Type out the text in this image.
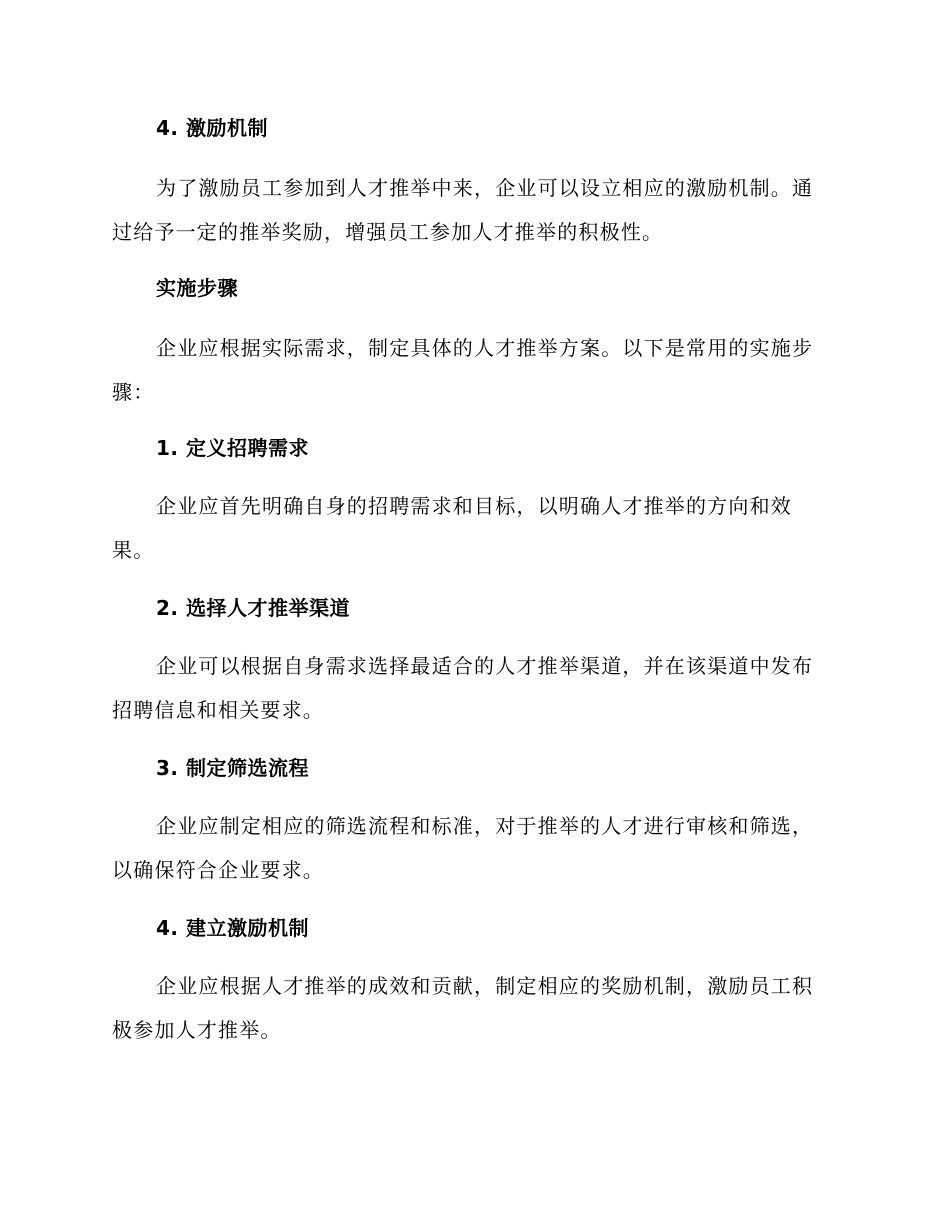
4. 激励机制
为了激励员工参加到人才推举中来，企业可以设立相应的激励机制。通过给予一定的推举奖励，增强员工参加人才推举的积极性。
实施步骤
企业应根据实际需求，制定具体的人才推举方案。以下是常用的实施步骤：
1. 定义招聘需求
企业应首先明确自身的招聘需求和目标，以明确人才推举的方向和效果。
2. 选择人才推举渠道
企业可以根据自身需求选择最适合的人才推举渠道，并在该渠道中发布招聘信息和相关要求。
3. 制定筛选流程
企业应制定相应的筛选流程和标准，对于推举的人才进行审核和筛选，以确保符合企业要求。
4. 建立激励机制
企业应根据人才推举的成效和贡献，制定相应的奖励机制，激励员工积极参加人才推举。
